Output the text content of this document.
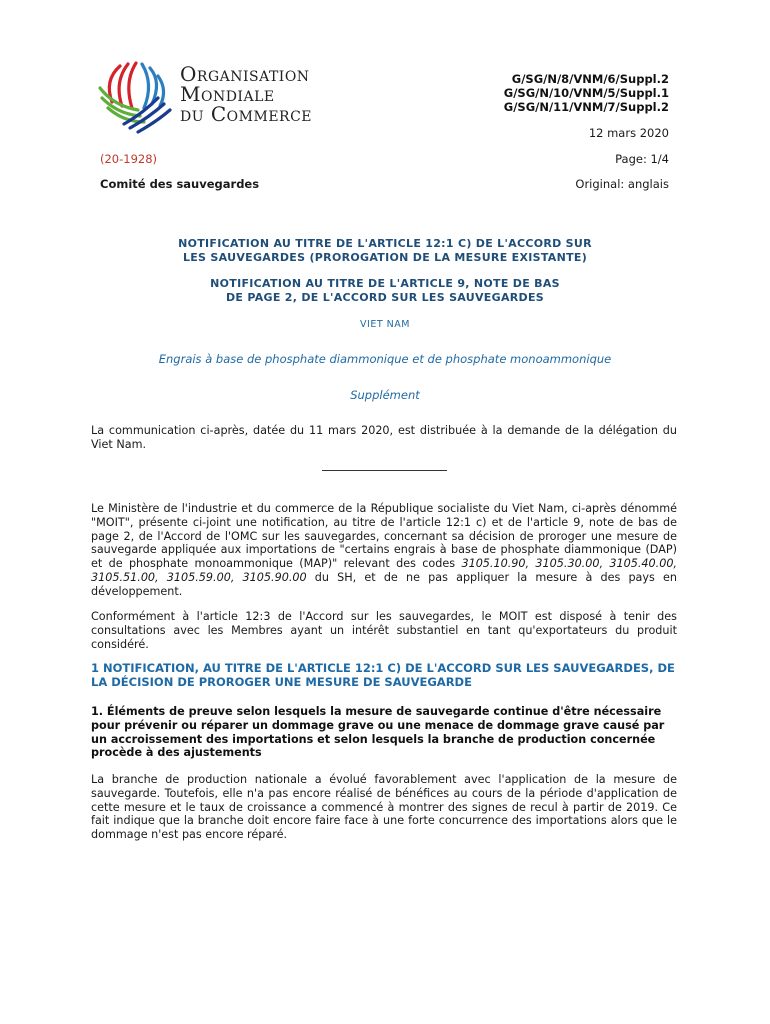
Organisation
Mondiale
du Commerce
G/SG/N/8/VNM/6/Suppl.2
G/SG/N/10/VNM/5/Suppl.1
G/SG/N/11/VNM/7/Suppl.2
12 mars 2020
(20-1928)	Page: 1/4
Comité des sauvegardes	Original: anglais
NOTIFICATION AU TITRE DE L'ARTICLE 12:1 C) DE L'ACCORD SUR
LES SAUVEGARDES (PROROGATION DE LA MESURE EXISTANTE)
NOTIFICATION AU TITRE DE L'ARTICLE 9, NOTE DE BAS
DE PAGE 2, DE L'ACCORD SUR LES SAUVEGARDES
VIET NAM
Engrais à base de phosphate diammonique et de phosphate monoammonique
Supplément
La communication ci-après, datée du 11 mars 2020, est distribuée à la demande de la délégation du Viet Nam.
Le Ministère de l'industrie et du commerce de la République socialiste du Viet Nam, ci-après dénommé "MOIT", présente ci-joint une notification, au titre de l'article 12:1 c) et de l'article 9, note de bas de page 2, de l'Accord de l'OMC sur les sauvegardes, concernant sa décision de proroger une mesure de sauvegarde appliquée aux importations de "certains engrais à base de phosphate diammonique (DAP) et de phosphate monoammonique (MAP)" relevant des codes 3105.10.90, 3105.30.00, 3105.40.00, 3105.51.00, 3105.59.00, 3105.90.00 du SH, et de ne pas appliquer la mesure à des pays en développement.
Conformément à l'article 12:3 de l'Accord sur les sauvegardes, le MOIT est disposé à tenir des consultations avec les Membres ayant un intérêt substantiel en tant qu'exportateurs du produit considéré.
1 NOTIFICATION, AU TITRE DE L'ARTICLE 12:1 C) DE L'ACCORD SUR LES SAUVEGARDES, DE LA DÉCISION DE PROROGER UNE MESURE DE SAUVEGARDE
1. Éléments de preuve selon lesquels la mesure de sauvegarde continue d'être nécessaire pour prévenir ou réparer un dommage grave ou une menace de dommage grave causé par un accroissement des importations et selon lesquels la branche de production concernée procède à des ajustements
La branche de production nationale a évolué favorablement avec l'application de la mesure de sauvegarde. Toutefois, elle n'a pas encore réalisé de bénéfices au cours de la période d'application de cette mesure et le taux de croissance a commencé à montrer des signes de recul à partir de 2019. Ce fait indique que la branche doit encore faire face à une forte concurrence des importations alors que le dommage n'est pas encore réparé.
